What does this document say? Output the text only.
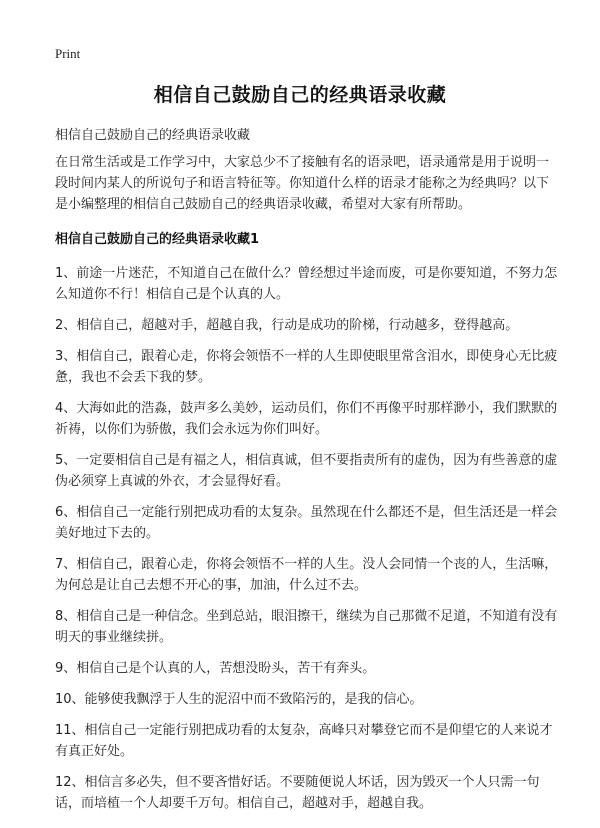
Print
相信自己鼓励自己的经典语录收藏
相信自己鼓励自己的经典语录收藏

在日常生活或是工作学习中，大家总少不了接触有名的语录吧，语录通常是用于说明一段时间内某人的所说句子和语言特征等。你知道什么样的语录才能称之为经典吗？以下是小编整理的相信自己鼓励自己的经典语录收藏，希望对大家有所帮助。

相信自己鼓励自己的经典语录收藏1

1、前途一片迷茫，不知道自己在做什么？曾经想过半途而废，可是你要知道，不努力怎么知道你不行！相信自己是个认真的人。

2、相信自己，超越对手，超越自我，行动是成功的阶梯，行动越多，登得越高。

3、相信自己，跟着心走，你将会领悟不一样的人生即使眼里常含泪水，即使身心无比疲惫，我也不会丢下我的梦。

4、大海如此的浩淼，鼓声多么美妙，运动员们，你们不再像平时那样渺小，我们默默的祈祷，以你们为骄傲，我们会永远为你们叫好。

5、一定要相信自己是有福之人，相信真诚，但不要指责所有的虚伪，因为有些善意的虚伪必须穿上真诚的外衣，才会显得好看。

6、相信自己一定能行别把成功看的太复杂。虽然现在什么都还不是，但生活还是一样会美好地过下去的。

7、相信自己，跟着心走，你将会领悟不一样的人生。没人会同情一个丧的人，生活嘛，为何总是让自己去想不开心的事，加油，什么过不去。

8、相信自己是一种信念。坐到总站，眼泪擦干，继续为自己那微不足道，不知道有没有明天的事业继续拼。

9、相信自己是个认真的人，苦想没盼头，苦干有奔头。

10、能够使我飘浮于人生的泥沼中而不致陷污的，是我的信心。

11、相信自己一定能行别把成功看的太复杂，高峰只对攀登它而不是仰望它的人来说才有真正好处。

12、相信言多必失，但不要吝惜好话。不要随便说人坏话，因为毁灭一个人只需一句话，而培植一个人却要千万句。相信自己，超越对手，超越自我。
